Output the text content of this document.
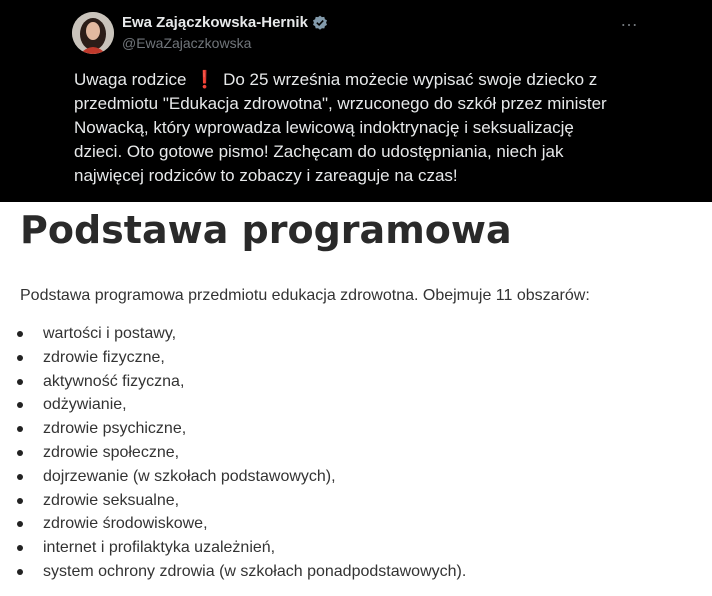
Ewa Zajączkowska-Hernik
@EwaZajaczkowska
…

Uwaga rodzice ❗ Do 25 września możecie wypisać swoje dziecko z

przedmiotu "Edukacja zdrowotna", wrzuconego do szkół przez minister

Nowacką, który wprowadza lewicową indoktrynację i seksualizację

dzieci. Oto gotowe pismo! Zachęcam do udostępniania, niech jak

najwięcej rodziców to zobaczy i zareaguje na czas!

Podstawa programowa

Podstawa programowa przedmiotu edukacja zdrowotna. Obejmuje 11 obszarów:

wartości i postawy,
zdrowie fizyczne,
aktywność fizyczna,
odżywianie,
zdrowie psychiczne,
zdrowie społeczne,
dojrzewanie (w szkołach podstawowych),
zdrowie seksualne,
zdrowie środowiskowe,
internet i profilaktyka uzależnień,
system ochrony zdrowia (w szkołach ponadpodstawowych).
